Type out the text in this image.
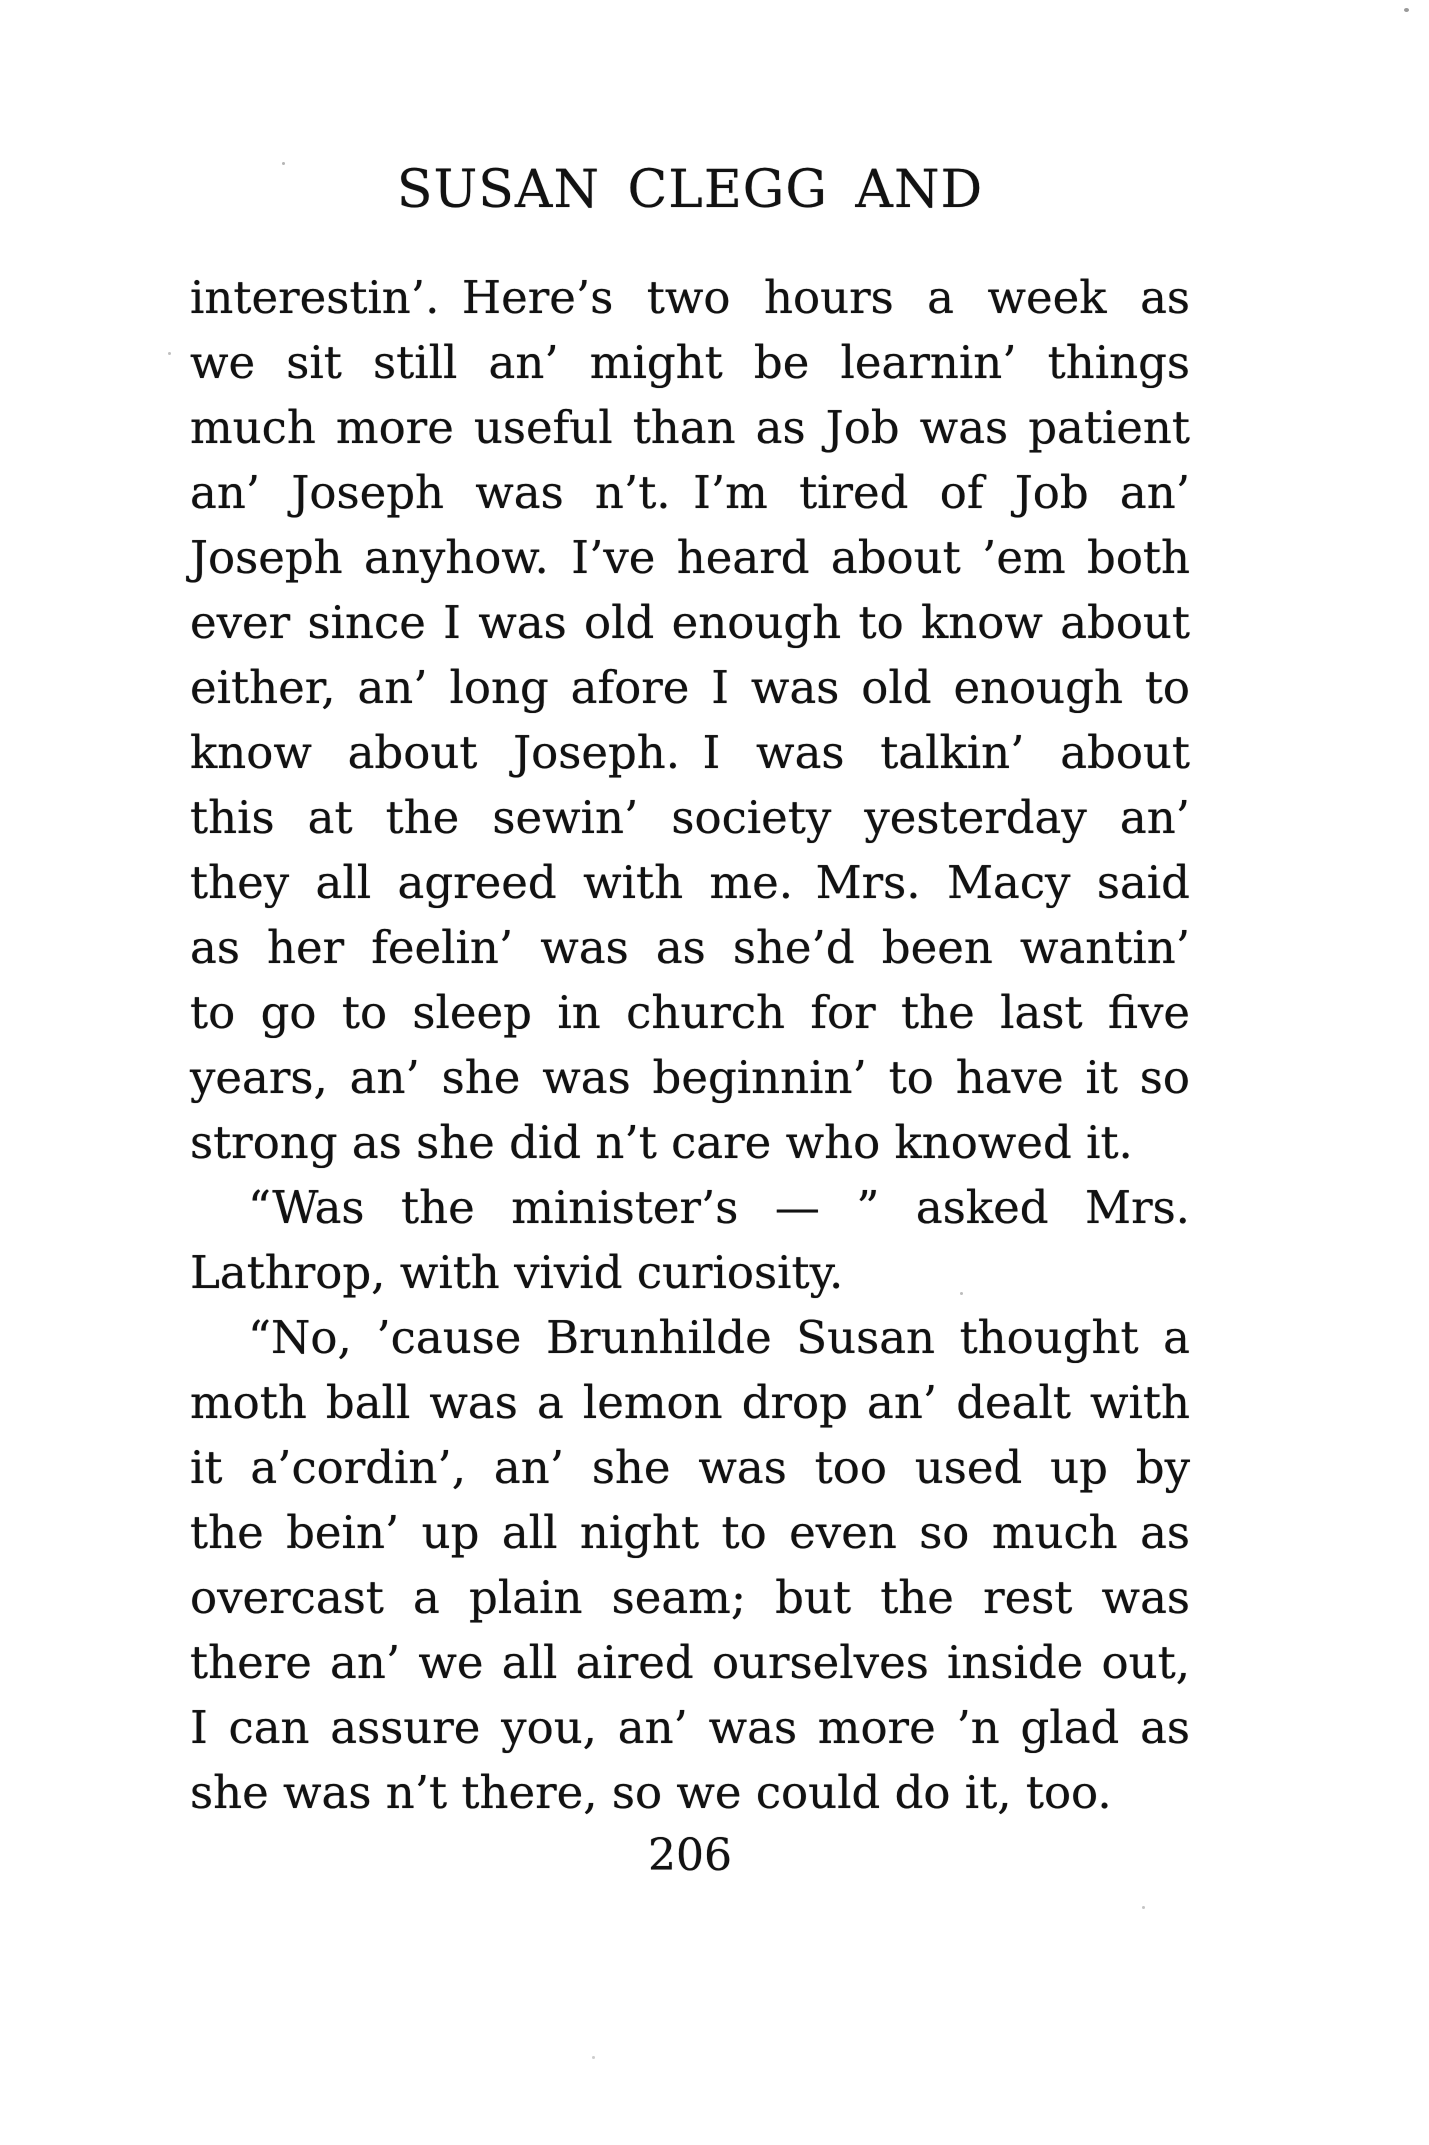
SUSAN CLEGG AND
interestin’. Here’s two hours a week as
we sit still an’ might be learnin’ things
much more useful than as Job was patient
an’ Joseph was n’t. I’m tired of Job an’
Joseph anyhow. I’ve heard about ’em both
ever since I was old enough to know about
either, an’ long afore I was old enough to
know about Joseph. I was talkin’ about
this at the sewin’ society yesterday an’
they all agreed with me. Mrs. Macy said
as her feelin’ was as she’d been wantin’
to go to sleep in church for the last five
years, an’ she was beginnin’ to have it so
strong as she did n’t care who knowed it.
“Was the minister’s — ” asked Mrs.
Lathrop, with vivid curiosity.
“No, ’cause Brunhilde Susan thought a
moth ball was a lemon drop an’ dealt with
it a’cordin’, an’ she was too used up by
the bein’ up all night to even so much as
overcast a plain seam; but the rest was
there an’ we all aired ourselves inside out,
I can assure you, an’ was more ’n glad as
she was n’t there, so we could do it, too.
206
